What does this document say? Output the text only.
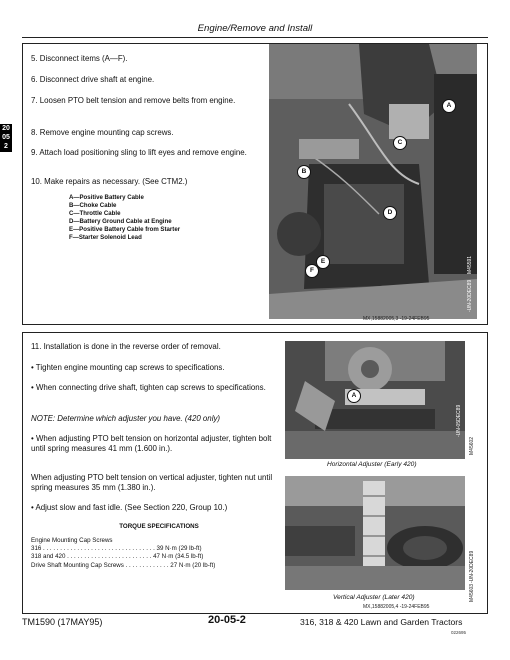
Engine/Remove and Install
20
05
2

5. Disconnect items (A—F).

6. Disconnect drive shaft at engine.

7. Loosen PTO belt tension and remove belts from engine.

8. Remove engine mounting cap screws.

9. Attach load positioning sling to lift eyes and remove engine.

10. Make repairs as necessary. (See CTM2.)

A—Positive Battery Cable
B—Choke Cable
C—Throttle Cable
D—Battery Ground Cable at Engine
E—Positive Battery Cable from Starter
F—Starter Solenoid Lead
A
C
B
D
E
F
-UN-20DEC89
M45591
MX,15882005,3 -19-24FEB95

11. Installation is done in the reverse order of removal.

• Tighten engine mounting cap screws to specifications.

• When connecting drive shaft, tighten cap screws to specifications.

NOTE: Determine which adjuster you have. (420 only)

• When adjusting PTO belt tension on horizontal adjuster, tighten bolt until spring measures 41 mm (1.600 in.).

When adjusting PTO belt tension on vertical adjuster, tighten nut until spring measures 35 mm (1.380 in.).

• Adjust slow and fast idle. (See Section 220, Group 10.)

TORQUE SPECIFICATIONS
Engine Mounting Cap Screws
316 . . . . . . . . . . . . . . . . . . . . . . . . . . . . . . . . . 39 N·m (29 lb-ft)
318 and 420 . . . . . . . . . . . . . . . . . . . . . . . . . 47 N·m (34.5 lb-ft)
Drive Shaft Mounting Cap Screws . . . . . . . . . . . . . 27 N·m (20 lb-ft)
A
-UN-05DEC89
M45602
Horizontal Adjuster (Early 420)
-UN-20DEC89
M45603
Vertical Adjuster (Later 420)
MX,15882005,4 -19-24FEB95
TM1590 (17MAY95)	20-05-2	316, 318 & 420 Lawn and Garden Tractors
022695
